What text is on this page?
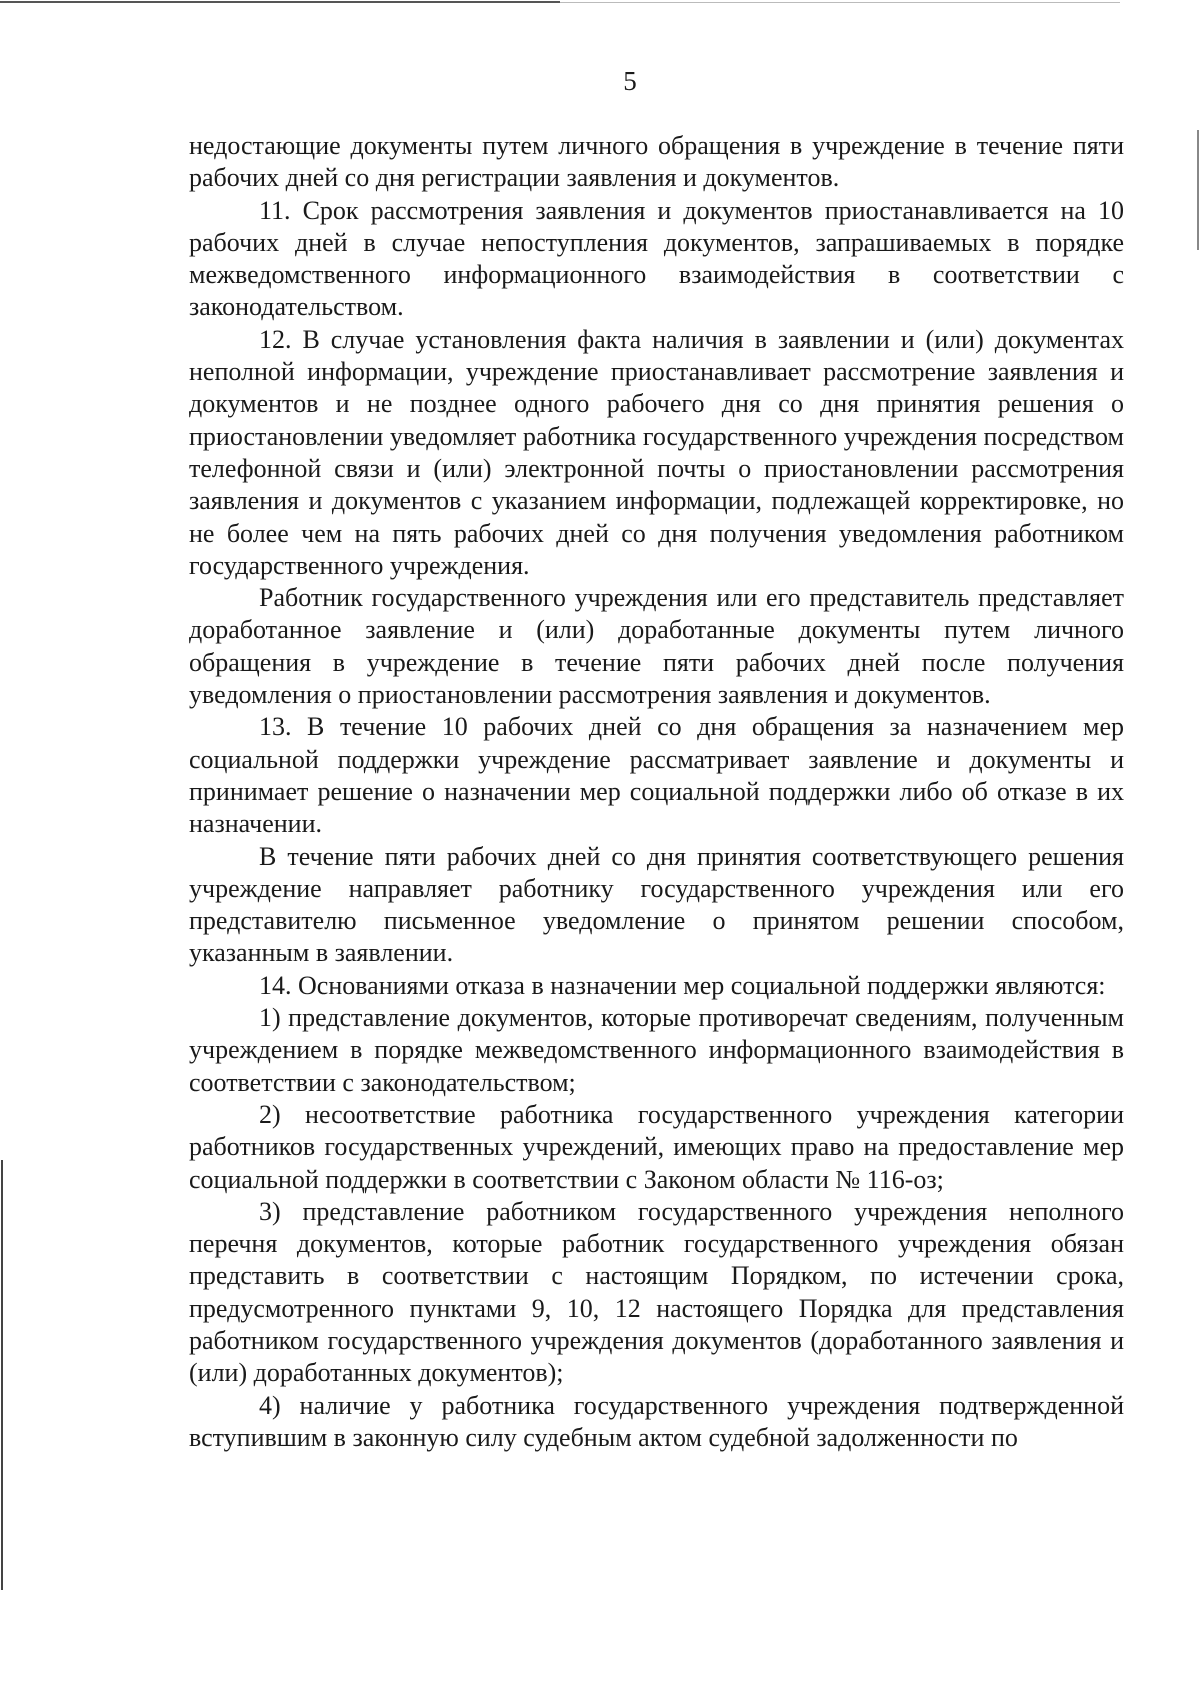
5

недостающие документы путем личного обращения в учреждение в течение пяти рабочих дней со дня регистрации заявления и документов.

11. Срок рассмотрения заявления и документов приостанавливается на 10 рабочих дней в случае непоступления документов, запрашиваемых в порядке межведомственного информационного взаимодействия в соответствии с законодательством.

12. В случае установления факта наличия в заявлении и (или) документах неполной информации, учреждение приостанавливает рассмотрение заявления и документов и не позднее одного рабочего дня со дня принятия решения о приостановлении уведомляет работника государственного учреждения посредством телефонной связи и (или) электронной почты о приостановлении рассмотрения заявления и документов с указанием информации, подлежащей корректировке, но не более чем на пять рабочих дней со дня получения уведомления работником государственного учреждения.

Работник государственного учреждения или его представитель представляет доработанное заявление и (или) доработанные документы путем личного обращения в учреждение в течение пяти рабочих дней после получения уведомления о приостановлении рассмотрения заявления и документов.

13. В течение 10 рабочих дней со дня обращения за назначением мер социальной поддержки учреждение рассматривает заявление и документы и принимает решение о назначении мер социальной поддержки либо об отказе в их назначении.

В течение пяти рабочих дней со дня принятия соответствующего решения учреждение направляет работнику государственного учреждения или его представителю письменное уведомление о принятом решении способом, указанным в заявлении.

14. Основаниями отказа в назначении мер социальной поддержки являются:

1) представление документов, которые противоречат сведениям, полученным учреждением в порядке межведомственного информационного взаимодействия в соответствии с законодательством;

2) несоответствие работника государственного учреждения категории работников государственных учреждений, имеющих право на предоставление мер социальной поддержки в соответствии с Законом области № 116-оз;

3) представление работником государственного учреждения неполного перечня документов, которые работник государственного учреждения обязан представить в соответствии с настоящим Порядком, по истечении срока, предусмотренного пунктами 9, 10, 12 настоящего Порядка для представления работником государственного учреждения документов (доработанного заявления и (или) доработанных документов);

4) наличие у работника государственного учреждения подтвержденной вступившим в законную силу судебным актом судебной задолженности по
